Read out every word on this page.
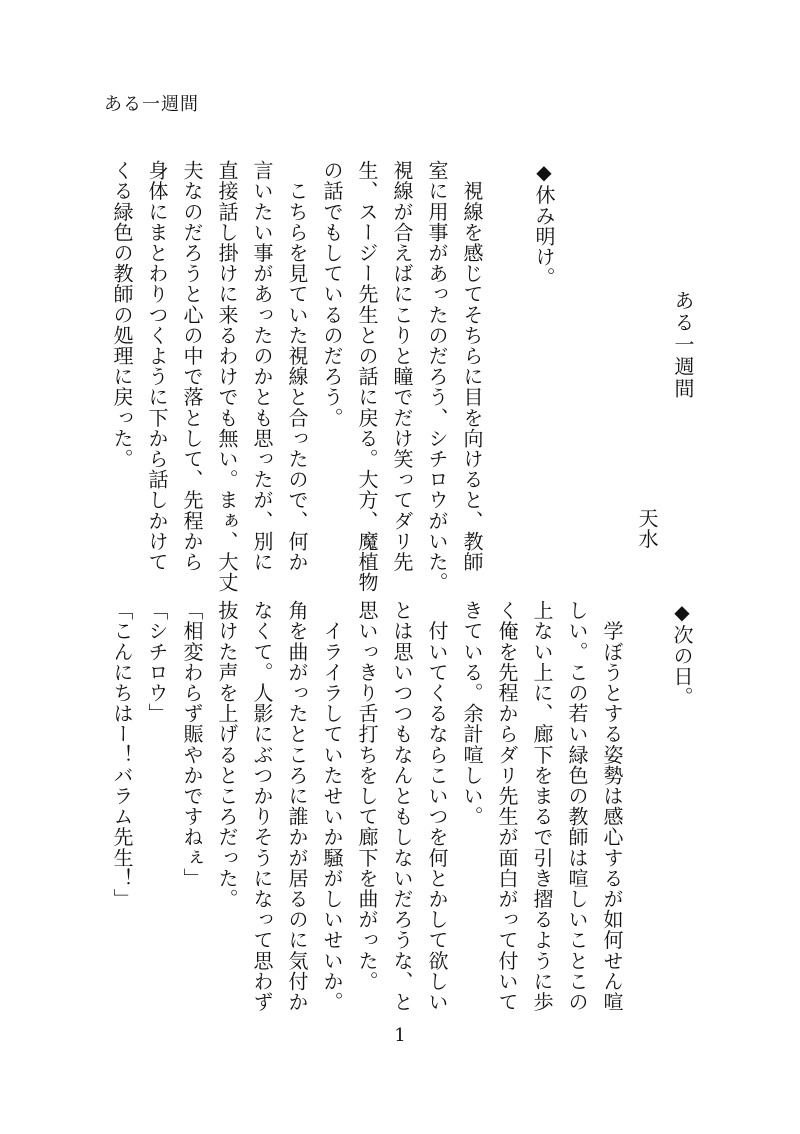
ある一週間
ある一週間
天水
◆休み明け。
　視線を感じてそちらに目を向けると、教師
室に用事があったのだろう、シチロウがいた。
視線が合えばにこりと瞳でだけ笑ってダリ先
生、スージー先生との話に戻る。大方、魔植物
の話でもしているのだろう。
　こちらを見ていた視線と合ったので、何か
言いたい事があったのかとも思ったが、別に
直接話し掛けに来るわけでも無い。まぁ、大丈
夫なのだろうと心の中で落として、先程から
身体にまとわりつくように下から話しかけて
くる緑色の教師の処理に戻った。
◆次の日。
　学ぼうとする姿勢は感心するが如何せん喧
しい。この若い緑色の教師は喧しいことこの
上ない上に、廊下をまるで引き摺るように歩
く俺を先程からダリ先生が面白がって付いて
きている。余計喧しい。
　付いてくるならこいつを何とかして欲しい
とは思いつつもなんともしないだろうな、と
思いっきり舌打ちをして廊下を曲がった。
　イライラしていたせいか騒がしいせいか。
角を曲がったところに誰かが居るのに気付か
なくて。人影にぶつかりそうになって思わず
抜けた声を上げるところだった。
「相変わらず賑やかですねぇ」
「シチロウ」
「こんにちはー！バラム先生！」
1
